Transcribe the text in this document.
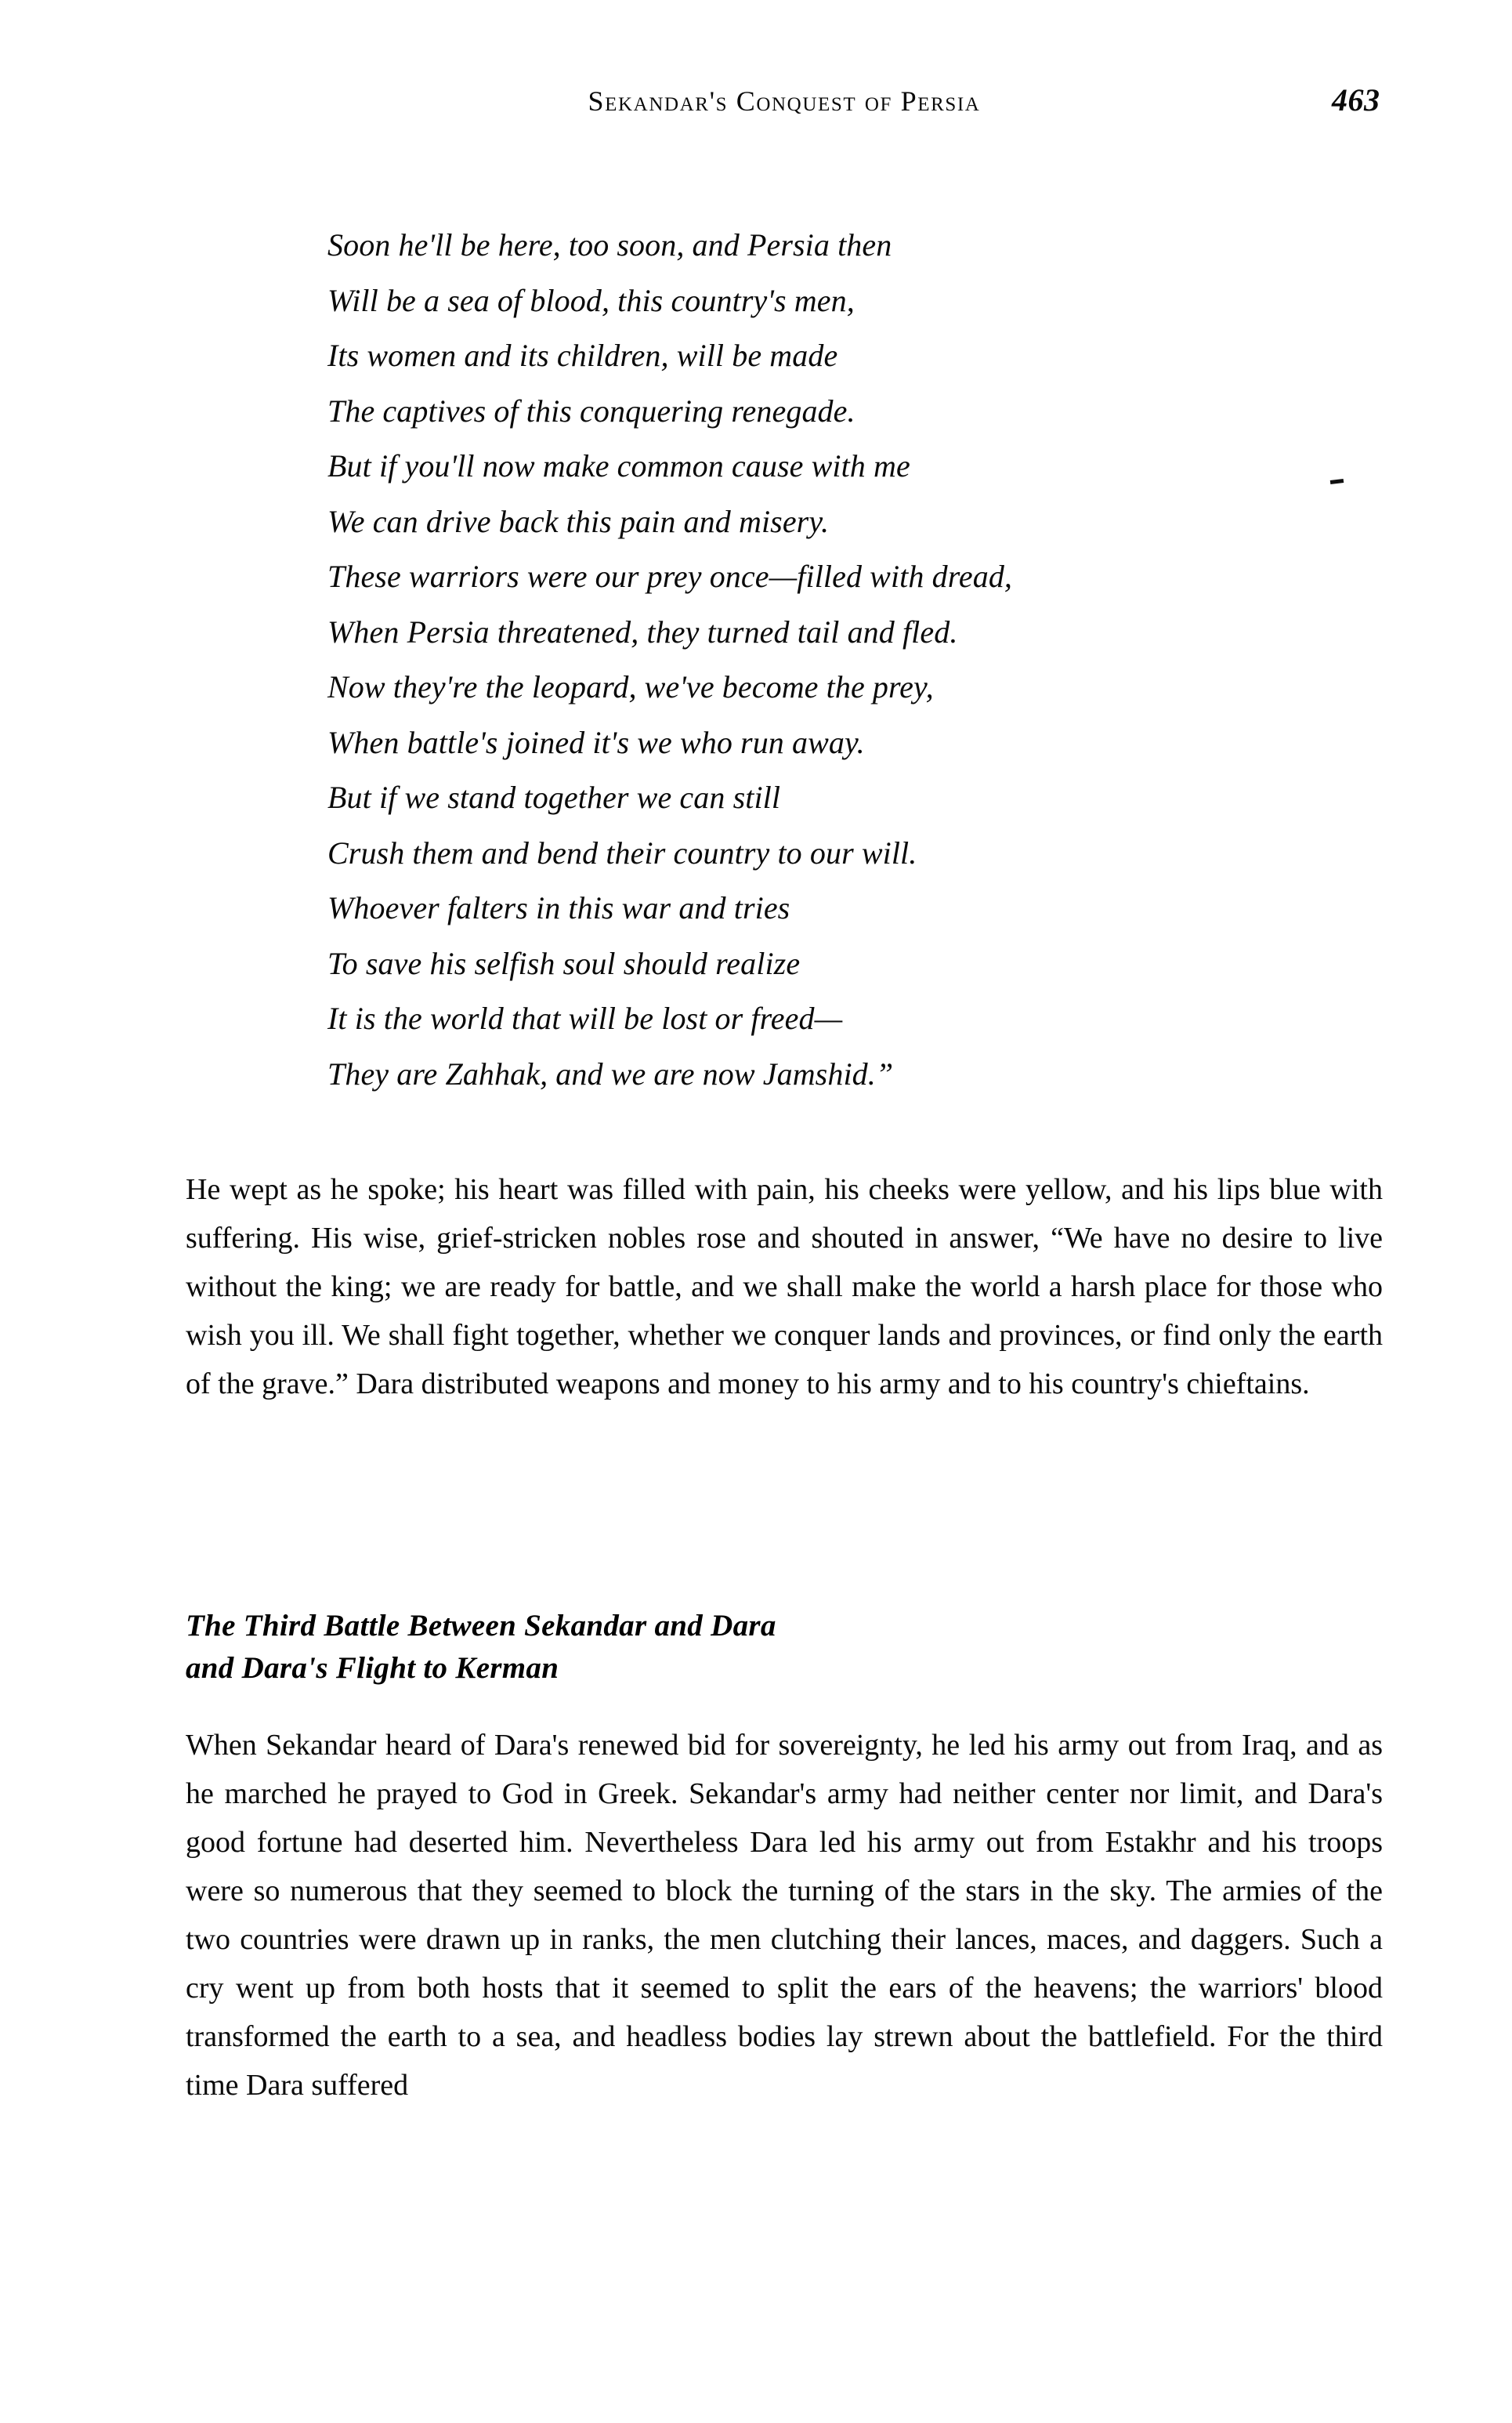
Sekandar's Conquest of Persia	463
Soon he'll be here, too soon, and Persia then
Will be a sea of blood, this country's men,
Its women and its children, will be made
The captives of this conquering renegade.
But if you'll now make common cause with me
We can drive back this pain and misery.
These warriors were our prey once—filled with dread,
When Persia threatened, they turned tail and fled.
Now they're the leopard, we've become the prey,
When battle's joined it's we who run away.
But if we stand together we can still
Crush them and bend their country to our will.
Whoever falters in this war and tries
To save his selfish soul should realize
It is the world that will be lost or freed—
They are Zahhak, and we are now Jamshid.”
He wept as he spoke; his heart was filled with pain, his cheeks were yellow, and his lips blue with suffering. His wise, grief-stricken nobles rose and shouted in answer, “We have no desire to live without the king; we are ready for battle, and we shall make the world a harsh place for those who wish you ill. We shall fight together, whether we conquer lands and provinces, or find only the earth of the grave.” Dara distributed weapons and money to his army and to his country's chieftains.
The Third Battle Between Sekandar and Dara
and Dara's Flight to Kerman
When Sekandar heard of Dara's renewed bid for sovereignty, he led his army out from Iraq, and as he marched he prayed to God in Greek. Sekandar's army had neither center nor limit, and Dara's good fortune had deserted him. Nevertheless Dara led his army out from Estakhr and his troops were so numerous that they seemed to block the turning of the stars in the sky. The armies of the two countries were drawn up in ranks, the men clutching their lances, maces, and daggers. Such a cry went up from both hosts that it seemed to split the ears of the heavens; the warriors' blood transformed the earth to a sea, and headless bodies lay strewn about the battlefield. For the third time Dara suffered
